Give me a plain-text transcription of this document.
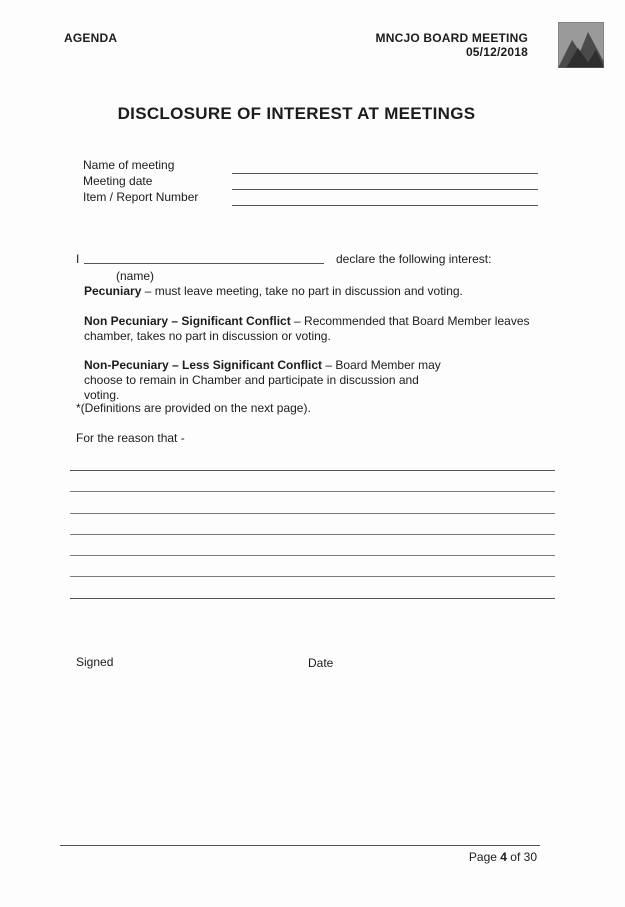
AGENDA	MNCJO BOARD MEETING
05/12/2018
DISCLOSURE OF INTEREST AT MEETINGS
Name of meeting
Meeting date
Item / Report Number
I	declare the following interest:
(name)
Pecuniary – must leave meeting, take no part in discussion and voting.
Non Pecuniary – Significant Conflict – Recommended that Board Member leaves chamber, takes no part in discussion or voting.
Non-Pecuniary – Less Significant Conflict – Board Member may choose to remain in Chamber and participate in discussion and voting.
*(Definitions are provided on the next page).
For the reason that -
Signed	Date
Page 4 of 30
